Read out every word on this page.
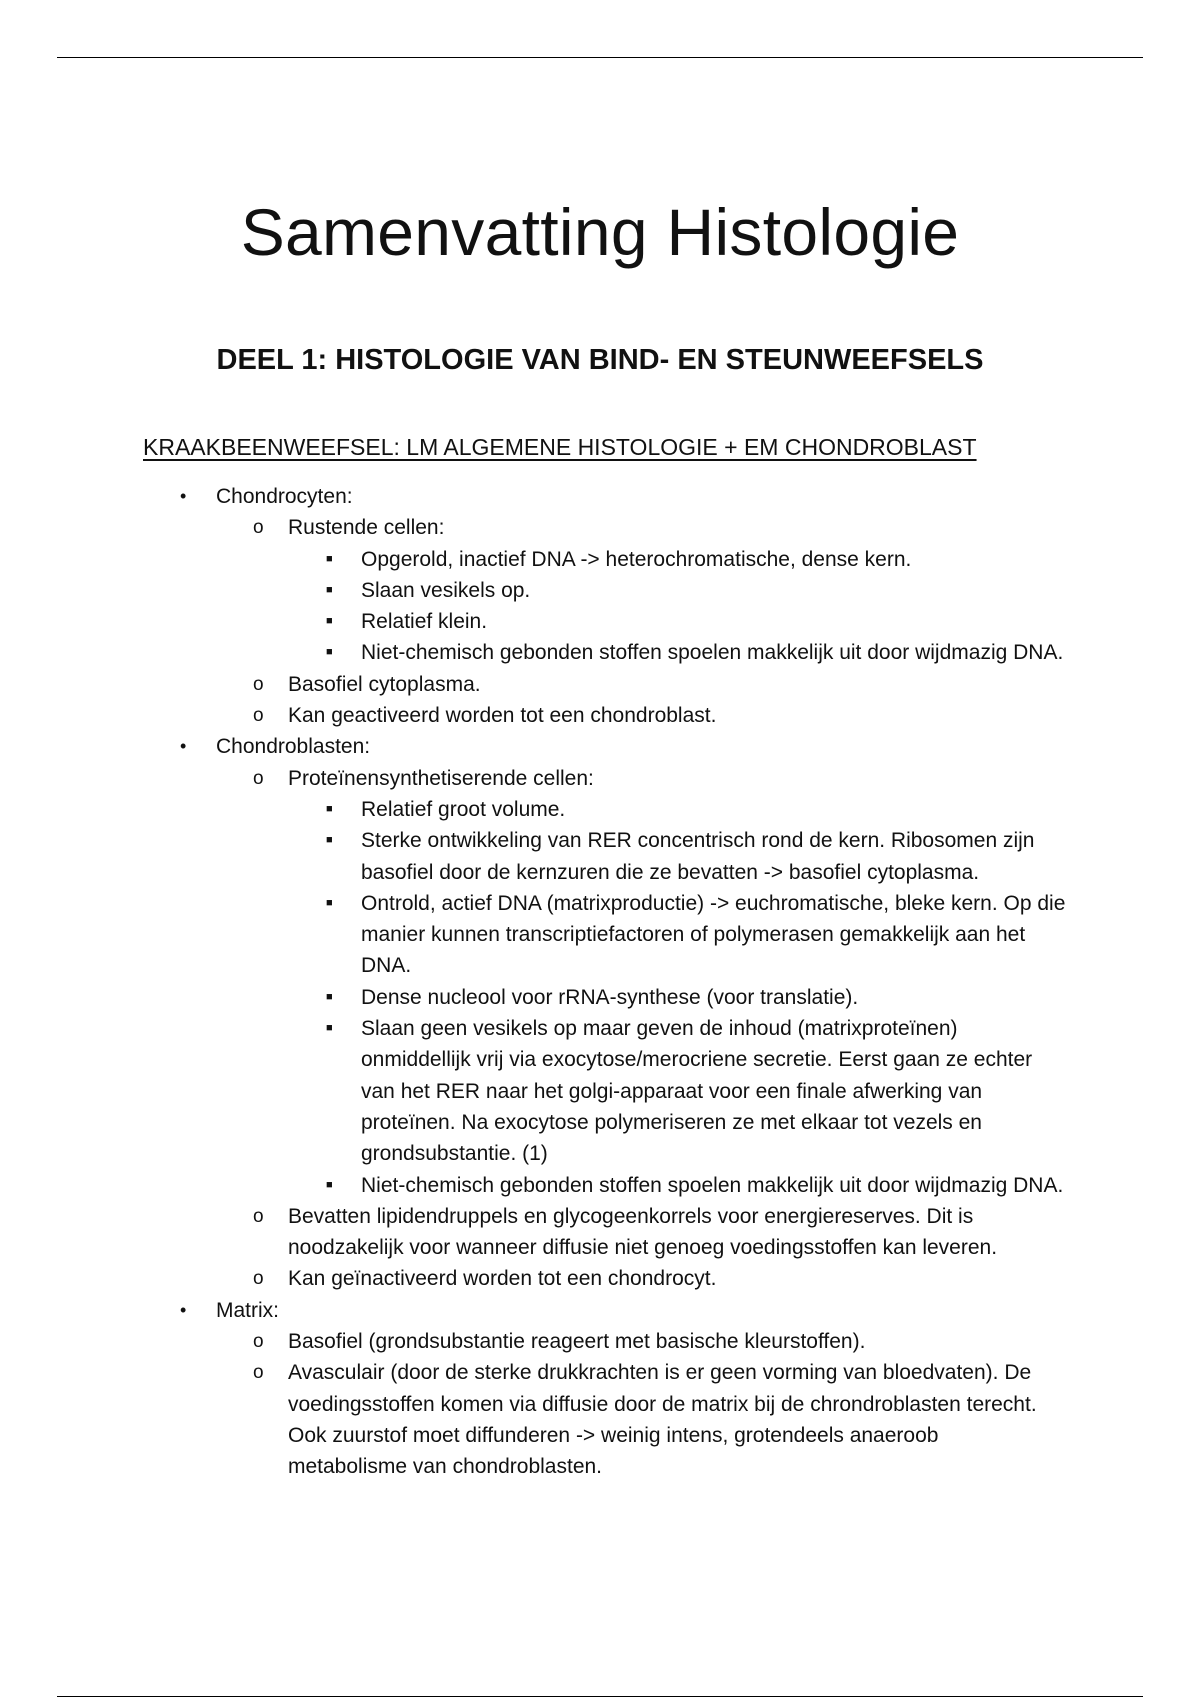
Samenvatting Histologie
DEEL 1: HISTOLOGIE VAN BIND- EN STEUNWEEFSELS
KRAAKBEENWEEFSEL: LM ALGEMENE HISTOLOGIE + EM CHONDROBLAST
• Chondrocyten:
o Rustende cellen:
■ Opgerold, inactief DNA -> heterochromatische, dense kern.
■ Slaan vesikels op.
■ Relatief klein.
■ Niet-chemisch gebonden stoffen spoelen makkelijk uit door wijdmazig DNA.
o Basofiel cytoplasma.
o Kan geactiveerd worden tot een chondroblast.
• Chondroblasten:
o Proteïnensynthetiserende cellen:
■ Relatief groot volume.
■ Sterke ontwikkeling van RER concentrisch rond de kern. Ribosomen zijn basofiel door de kernzuren die ze bevatten -> basofiel cytoplasma.
■ Ontrold, actief DNA (matrixproductie) -> euchromatische, bleke kern. Op die manier kunnen transcriptiefactoren of polymerasen gemakkelijk aan het DNA.
■ Dense nucleool voor rRNA-synthese (voor translatie).
■ Slaan geen vesikels op maar geven de inhoud (matrixproteïnen) onmiddellijk vrij via exocytose/merocriene secretie. Eerst gaan ze echter van het RER naar het golgi-apparaat voor een finale afwerking van proteïnen. Na exocytose polymeriseren ze met elkaar tot vezels en grondsubstantie. (1)
■ Niet-chemisch gebonden stoffen spoelen makkelijk uit door wijdmazig DNA.
o Bevatten lipidendruppels en glycogeenkorrels voor energiereserves. Dit is noodzakelijk voor wanneer diffusie niet genoeg voedingsstoffen kan leveren.
o Kan geïnactiveerd worden tot een chondrocyt.
• Matrix:
o Basofiel (grondsubstantie reageert met basische kleurstoffen).
o Avasculair (door de sterke drukkrachten is er geen vorming van bloedvaten). De voedingsstoffen komen via diffusie door de matrix bij de chrondroblasten terecht. Ook zuurstof moet diffunderen -> weinig intens, grotendeels anaeroob metabolisme van chondroblasten.
